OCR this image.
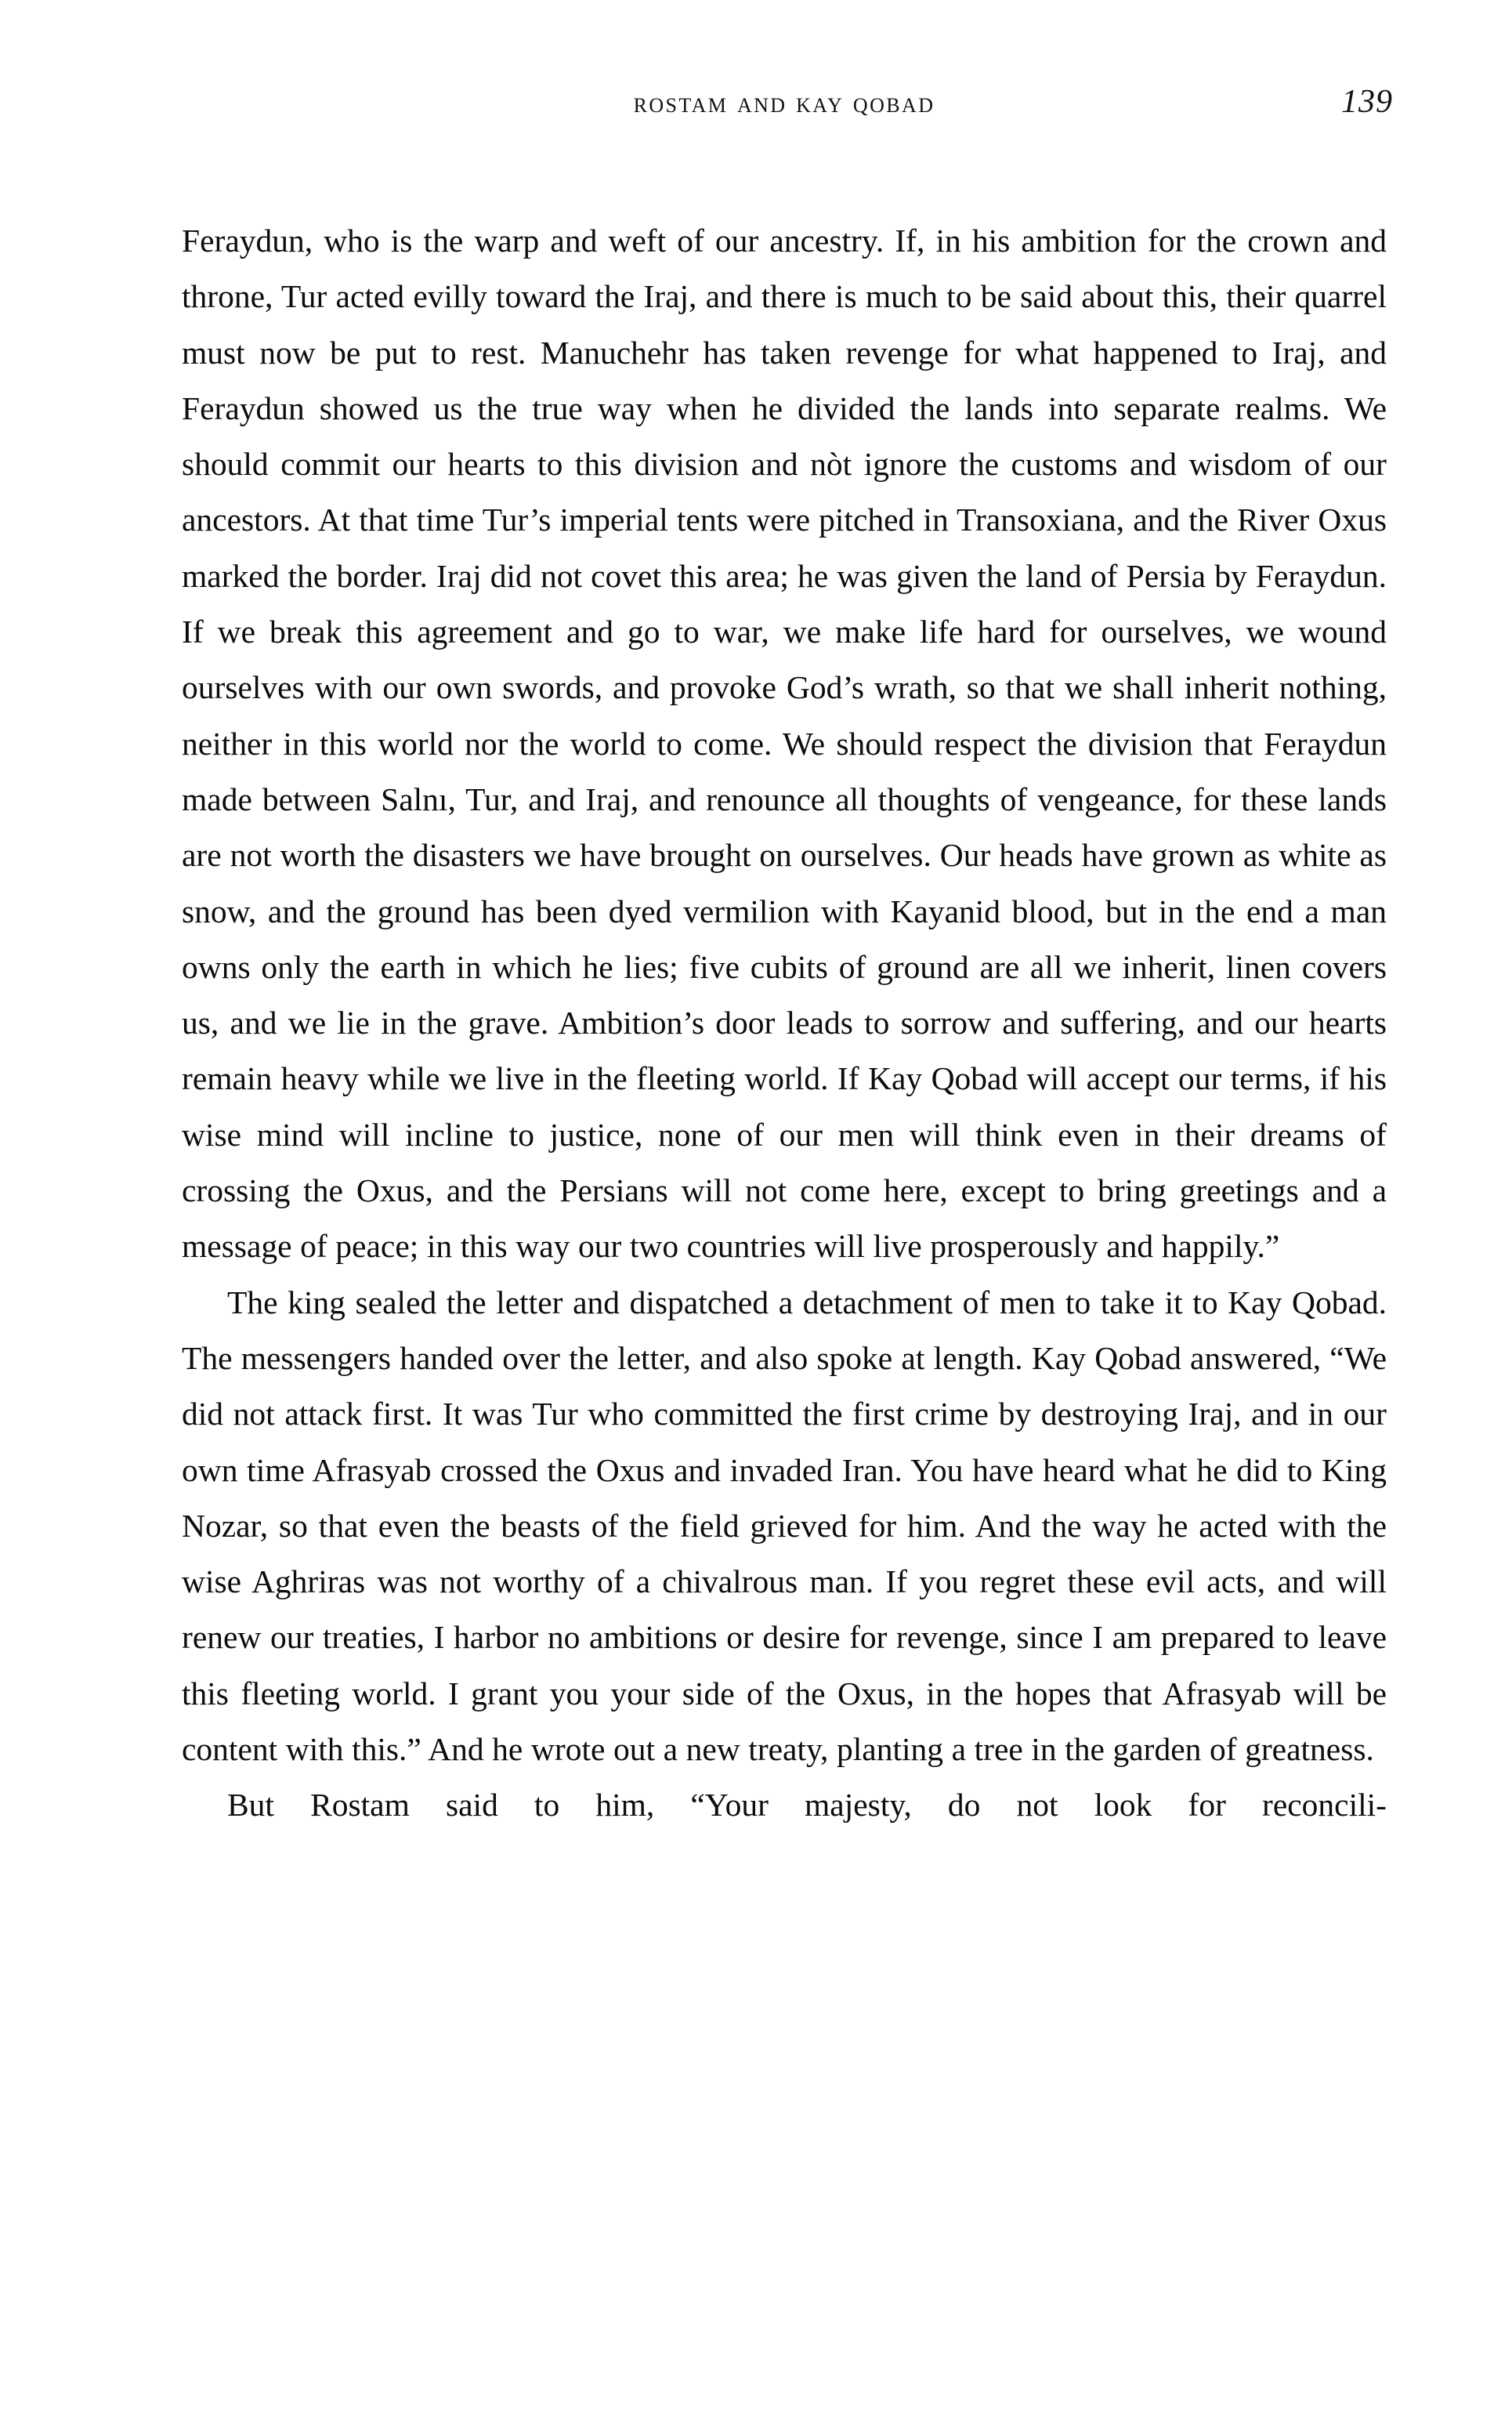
rostam and kay qobad	139

Feraydun, who is the warp and weft of our ancestry. If, in his ambition for the crown and throne, Tur acted evilly toward the Iraj, and there is much to be said about this, their quarrel must now be put to rest. Manuchehr has taken revenge for what happened to Iraj, and Feraydun showed us the true way when he divided the lands into separate realms. We should commit our hearts to this division and nòt ignore the customs and wisdom of our ancestors. At that time Tur’s imperial tents were pitched in Transoxiana, and the River Oxus marked the border. Iraj did not covet this area; he was given the land of Persia by Feraydun. If we break this agreement and go to war, we make life hard for ourselves, we wound ourselves with our own swords, and provoke God’s wrath, so that we shall inherit nothing, neither in this world nor the world to come. We should respect the division that Feraydun made between Salnı, Tur, and Iraj, and renounce all thoughts of vengeance, for these lands are not worth the disasters we have brought on ourselves. Our heads have grown as white as snow, and the ground has been dyed vermilion with Kayanid blood, but in the end a man owns only the earth in which he lies; five cubits of ground are all we inherit, linen covers us, and we lie in the grave. Ambition’s door leads to sorrow and suffering, and our hearts remain heavy while we live in the fleeting world. If Kay Qobad will accept our terms, if his wise mind will incline to justice, none of our men will think even in their dreams of crossing the Oxus, and the Persians will not come here, except to bring greetings and a message of peace; in this way our two countries will live prosperously and happily.”

The king sealed the letter and dispatched a detachment of men to take it to Kay Qobad. The messengers handed over the letter, and also spoke at length. Kay Qobad answered, “We did not attack first. It was Tur who committed the first crime by destroying Iraj, and in our own time Afrasyab crossed the Oxus and invaded Iran. You have heard what he did to King Nozar, so that even the beasts of the field grieved for him. And the way he acted with the wise Aghriras was not worthy of a chivalrous man. If you regret these evil acts, and will renew our treaties, I harbor no ambitions or desire for revenge, since I am prepared to leave this fleeting world. I grant you your side of the Oxus, in the hopes that Afrasyab will be content with this.” And he wrote out a new treaty, planting a tree in the garden of greatness.

But Rostam said to him, “Your majesty, do not look for reconcili-
